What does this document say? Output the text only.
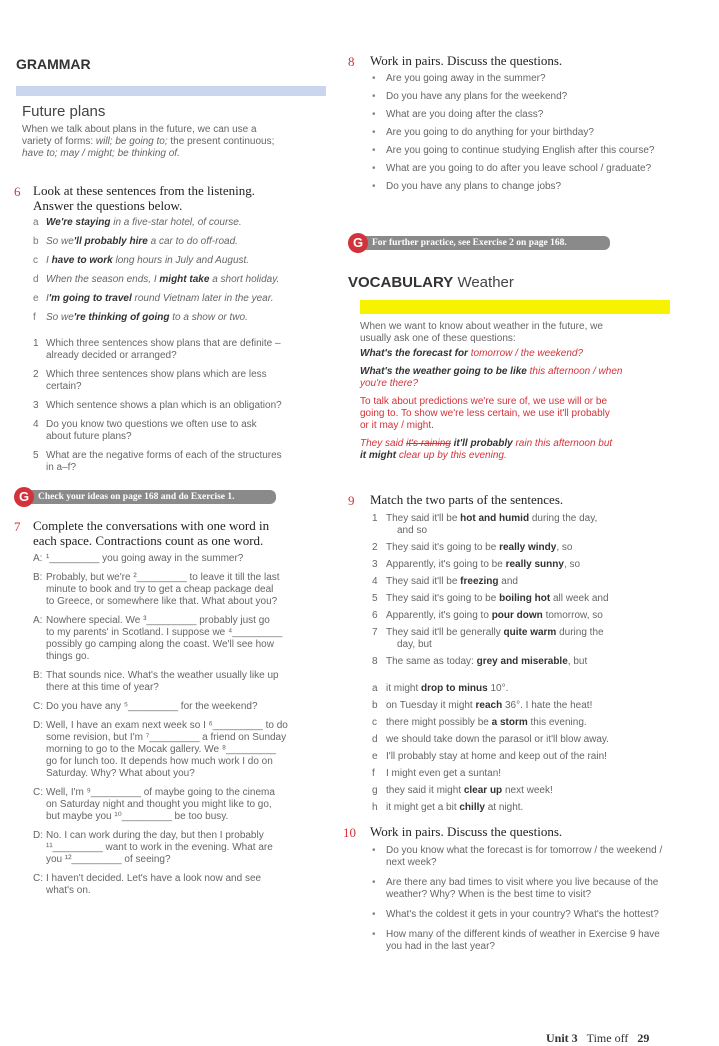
GRAMMAR
Future plans
When we talk about plans in the future, we can use a
variety of forms: will; be going to; the present continuous;
have to; may / might; be thinking of.
6 Look at these sentences from the listening.
Answer the questions below.
a We're staying in a five-star hotel, of course.
b So we'll probably hire a car to do off-road.
c I have to work long hours in July and August.
d When the season ends, I might take a short holiday.
e I'm going to travel round Vietnam later in the year.
f So we're thinking of going to a show or two.
1 Which three sentences show plans that are definite –
already decided or arranged?
2 Which three sentences show plans which are less
certain?
3 Which sentence shows a plan which is an obligation?
4 Do you know two questions we often use to ask
about future plans?
5 What are the negative forms of each of the structures
in a–f?
Check your ideas on page 168 and do Exercise 1.
G
7 Complete the conversations with one word in
each space. Contractions count as one word.
A: ¹_________ you going away in the summer?
B: Probably, but we're ²_________ to leave it till the last
minute to book and try to get a cheap package deal
to Greece, or somewhere like that. What about you?
A: Nowhere special. We ³_________ probably just go
to my parents' in Scotland. I suppose we ⁴_________
possibly go camping along the coast. We'll see how
things go.
B: That sounds nice. What's the weather usually like up
there at this time of year?
C: Do you have any ⁵_________ for the weekend?
D: Well, I have an exam next week so I ⁶_________ to do
some revision, but I'm ⁷_________ a friend on Sunday
morning to go to the Mocak gallery. We ⁸_________
go for lunch too. It depends how much work I do on
Saturday. Why? What about you?
C: Well, I'm ⁹_________ of maybe going to the cinema
on Saturday night and thought you might like to go,
but maybe you ¹⁰_________ be too busy.
D: No. I can work during the day, but then I probably
¹¹_________ want to work in the evening. What are
you ¹²_________ of seeing?
C: I haven't decided. Let's have a look now and see
what's on.
8 Work in pairs. Discuss the questions.
• Are you going away in the summer?
• Do you have any plans for the weekend?
• What are you doing after the class?
• Are you going to do anything for your birthday?
• Are you going to continue studying English after this course?
• What are you going to do after you leave school / graduate?
• Do you have any plans to change jobs?
For further practice, see Exercise 2 on page 168.
G
VOCABULARY Weather
When we want to know about weather in the future, we
usually ask one of these questions:
What's the forecast for tomorrow / the weekend?
What's the weather going to be like this afternoon / when
you're there?
To talk about predictions we're sure of, we use will or be
going to. To show we're less certain, we use it'll probably
or it may / might.
They said it's raining it'll probably rain this afternoon but
it might clear up by this evening.
9 Match the two parts of the sentences.
1 They said it'll be hot and humid during the day,
and so
2 They said it's going to be really windy, so
3 Apparently, it's going to be really sunny, so
4 They said it'll be freezing and
5 They said it's going to be boiling hot all week and
6 Apparently, it's going to pour down tomorrow, so
7 They said it'll be generally quite warm during the
day, but
8 The same as today: grey and miserable, but
a it might drop to minus 10°.
b on Tuesday it might reach 36°. I hate the heat!
c there might possibly be a storm this evening.
d we should take down the parasol or it'll blow away.
e I'll probably stay at home and keep out of the rain!
f I might even get a suntan!
g they said it might clear up next week!
h it might get a bit chilly at night.
10 Work in pairs. Discuss the questions.
• Do you know what the forecast is for tomorrow / the weekend / next week?
• Are there any bad times to visit where you live because of the weather? Why? When is the best time to visit?
• What's the coldest it gets in your country? What's the hottest?
• How many of the different kinds of weather in Exercise 9 have you had in the last year?
Unit 3 Time off 29
